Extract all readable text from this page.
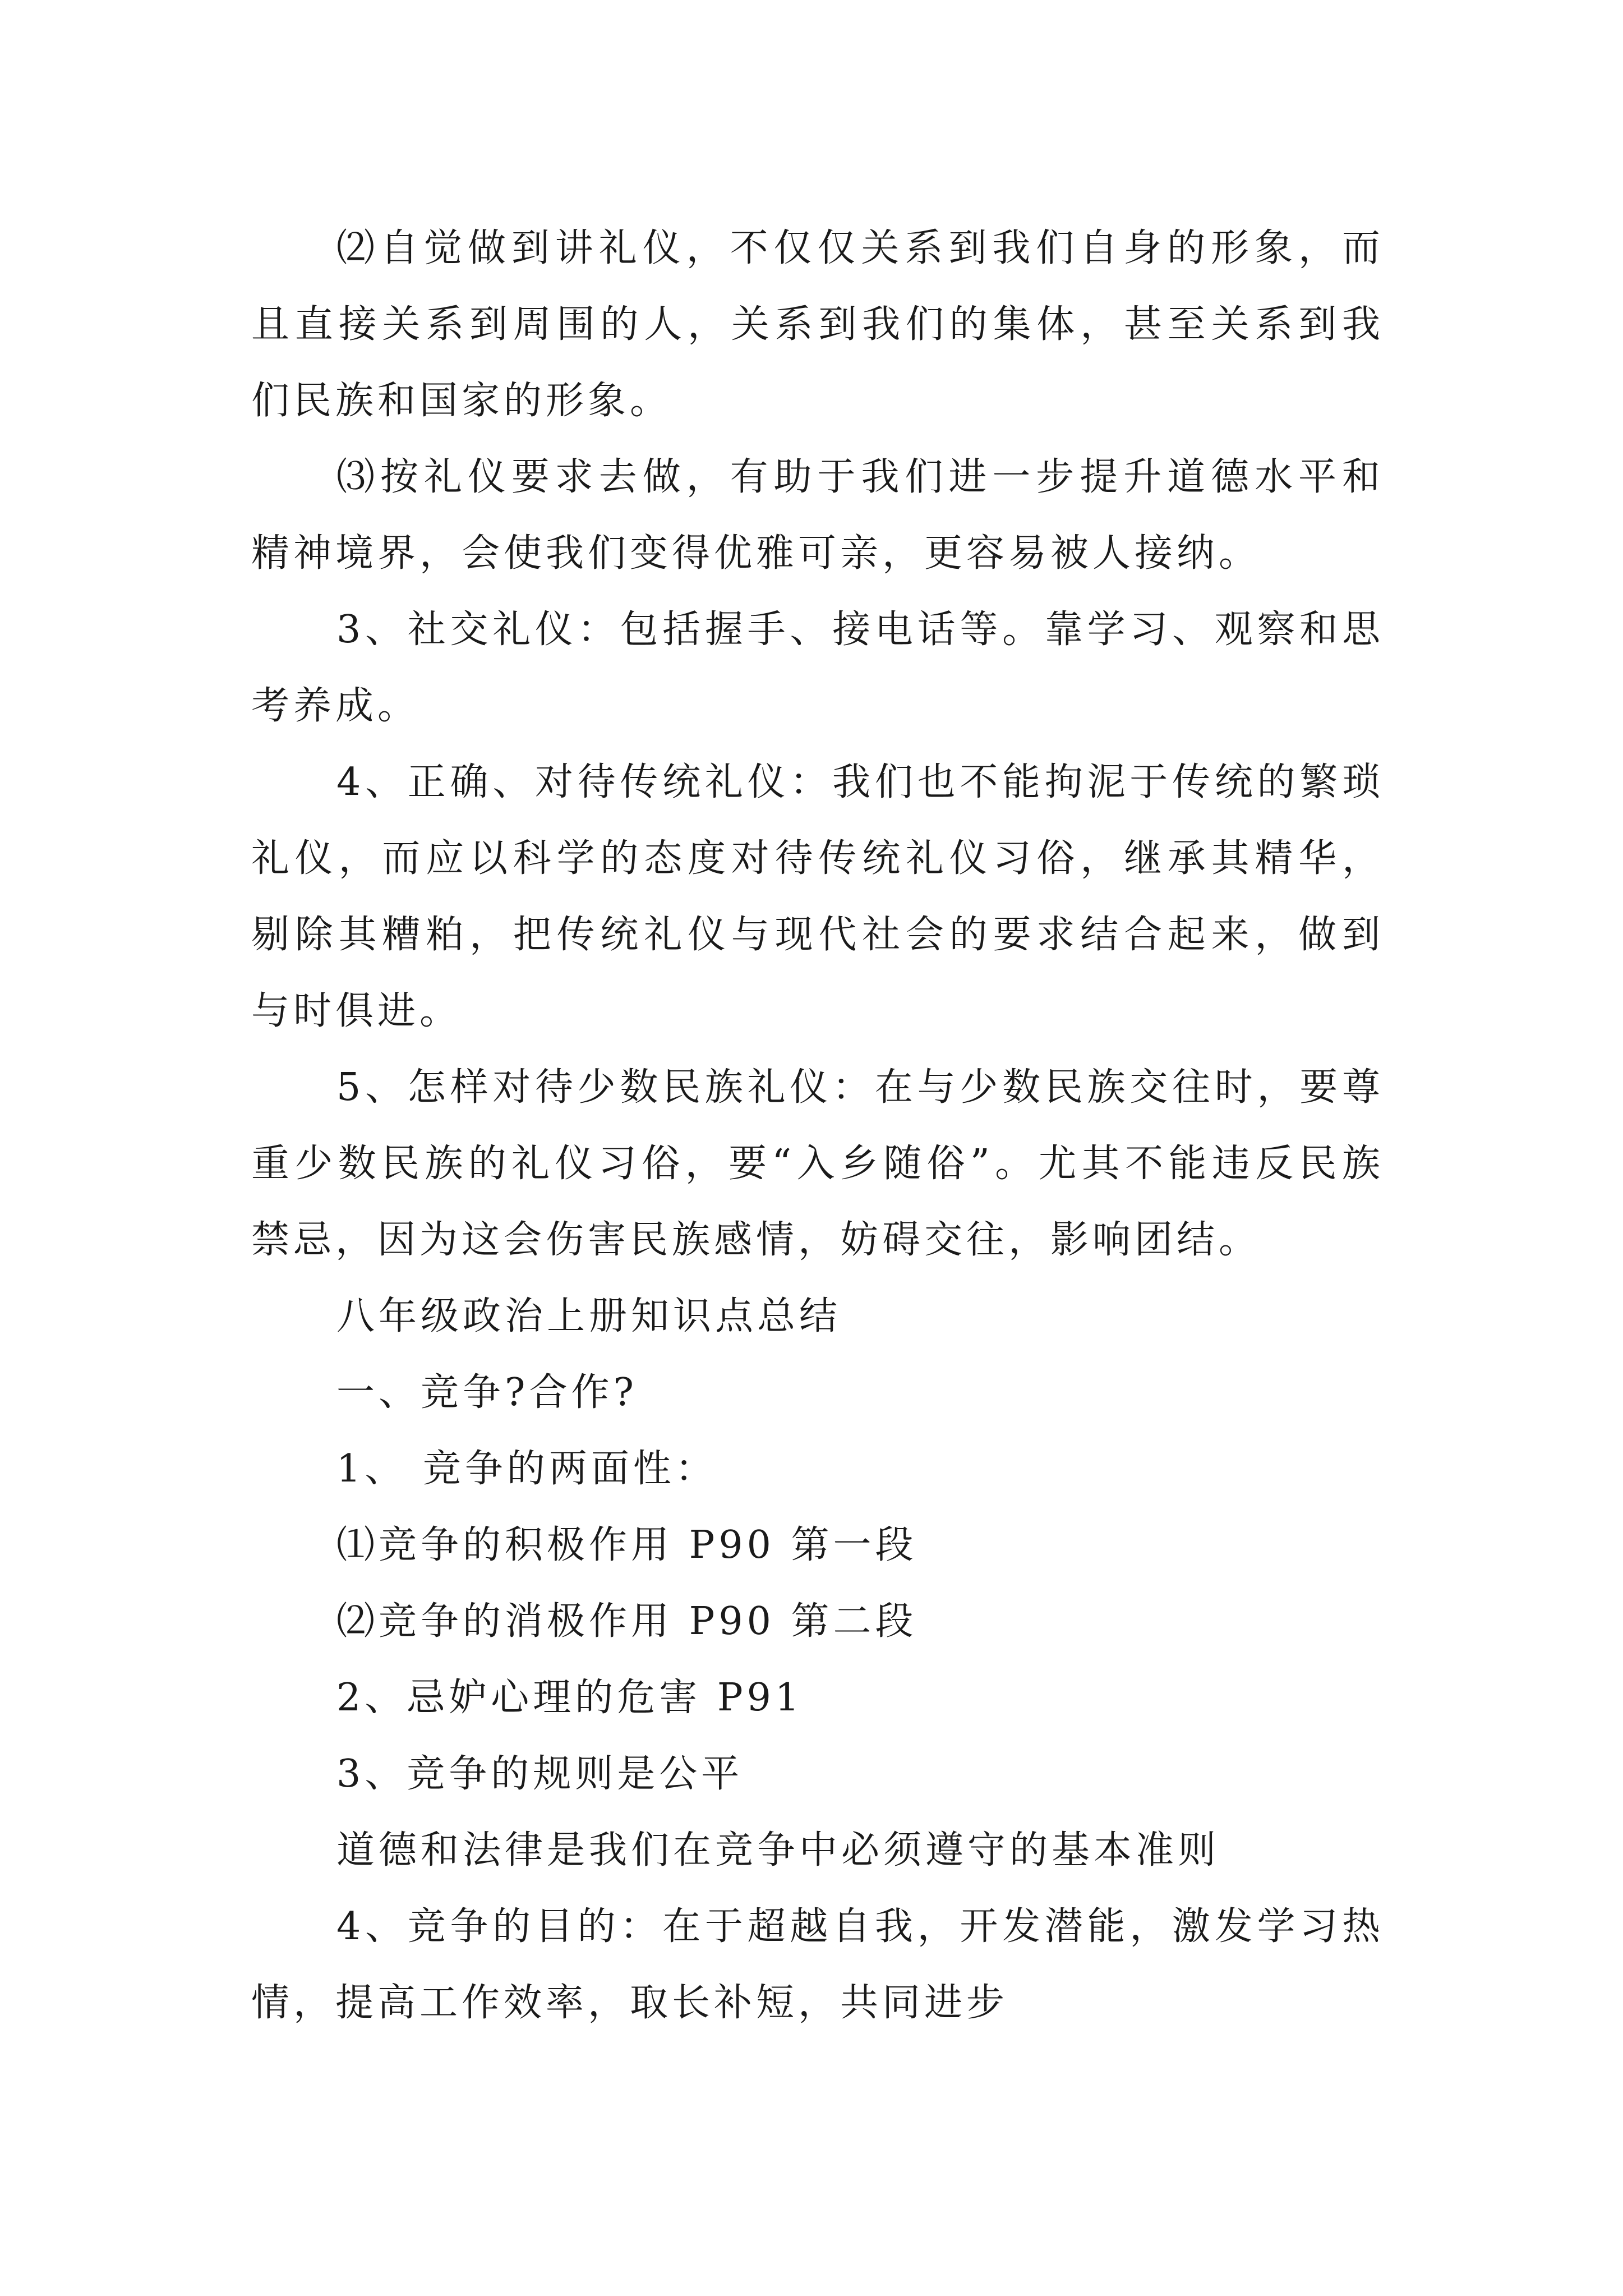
⑵自觉做到讲礼仪，不仅仅关系到我们自身的形象，而且直接关系到周围的人，关系到我们的集体，甚至关系到我们民族和国家的形象。

⑶按礼仪要求去做，有助于我们进一步提升道德水平和精神境界，会使我们变得优雅可亲，更容易被人接纳。

3、社交礼仪：包括握手、接电话等。靠学习、观察和思考养成。

4、正确、对待传统礼仪：我们也不能拘泥于传统的繁琐礼仪，而应以科学的态度对待传统礼仪习俗，继承其精华，剔除其糟粕，把传统礼仪与现代社会的要求结合起来，做到与时俱进。

5、怎样对待少数民族礼仪：在与少数民族交往时，要尊重少数民族的礼仪习俗，要“入乡随俗”。尤其不能违反民族禁忌，因为这会伤害民族感情，妨碍交往，影响团结。

八年级政治上册知识点总结

一、竞争?合作?

1、 竞争的两面性：

⑴竞争的积极作用 P90 第一段

⑵竞争的消极作用 P90 第二段

2、忌妒心理的危害 P91

3、竞争的规则是公平

道德和法律是我们在竞争中必须遵守的基本准则

4、竞争的目的：在于超越自我，开发潜能，激发学习热情，提高工作效率，取长补短，共同进步
